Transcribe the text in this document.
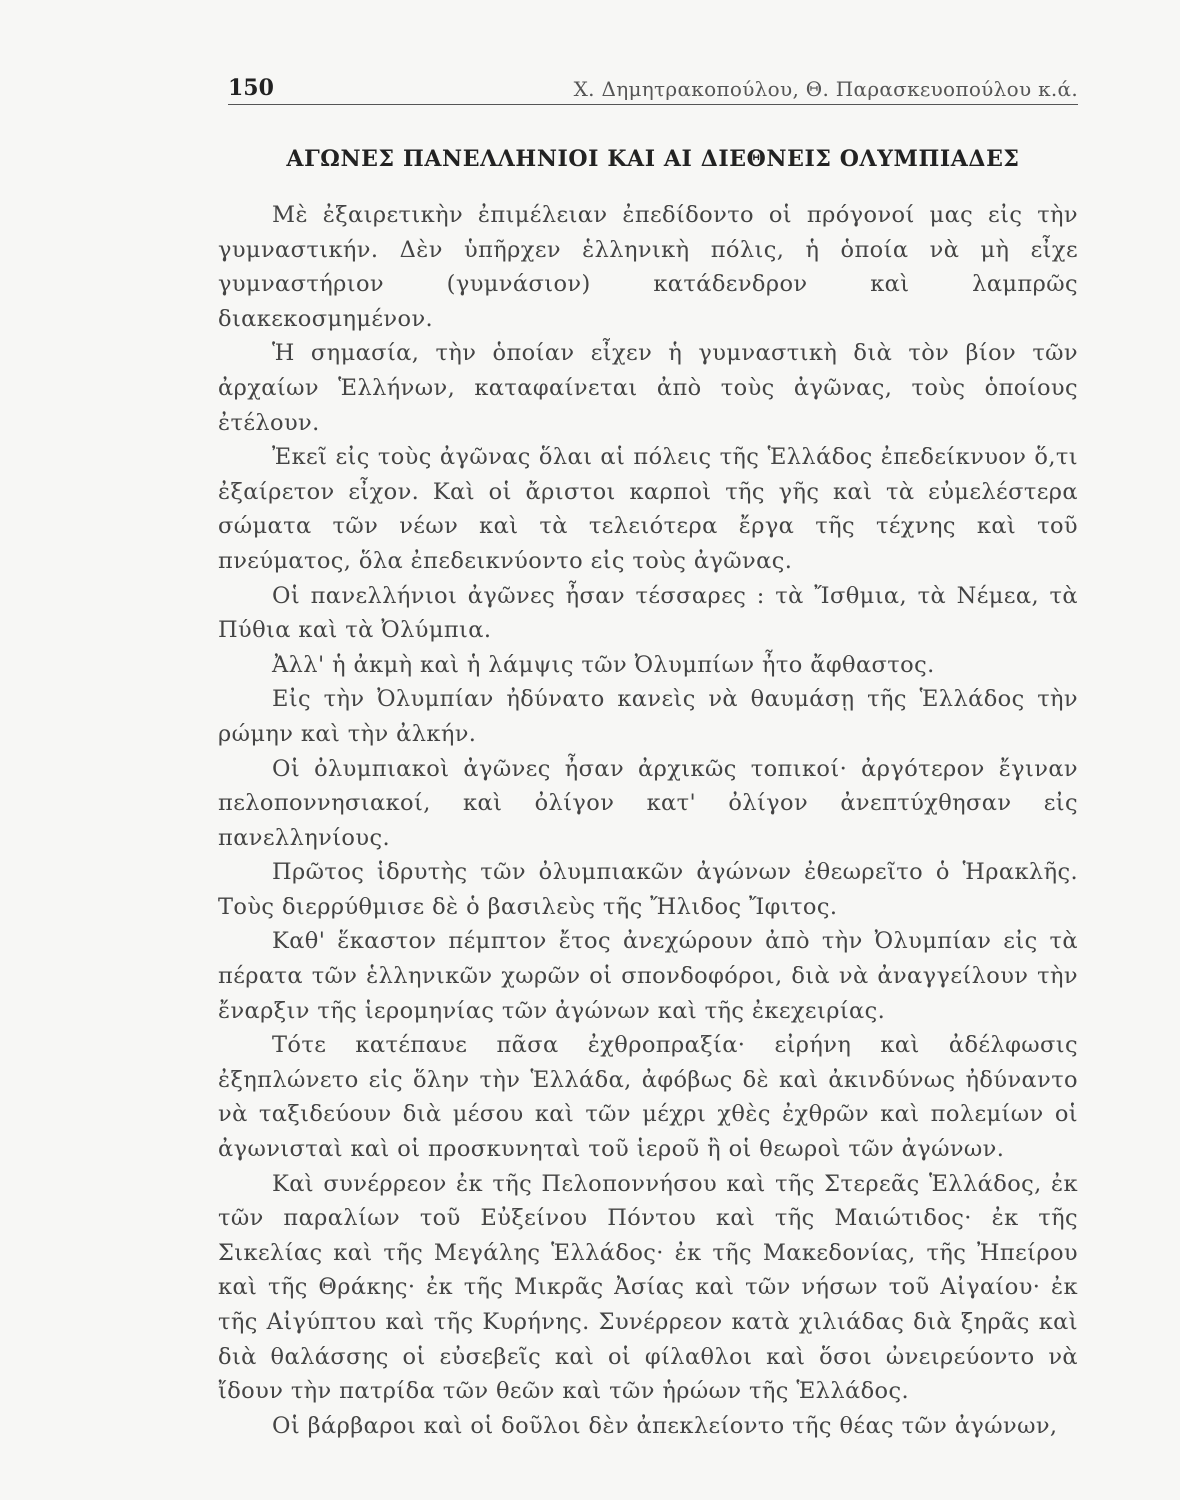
150	Χ. Δημητρακοπούλου, Θ. Παρασκευοπούλου κ.ά.
ΑΓΩΝΕΣ ΠΑΝΕΛΛΗΝΙΟΙ ΚΑΙ ΑΙ ΔΙΕΘΝΕΙΣ ΟΛΥΜΠΙΑΔΕΣ

Μὲ ἐξαιρετικὴν ἐπιμέλειαν ἐπεδίδοντο οἱ πρόγονοί μας εἰς τὴν γυμναστικήν. Δὲν ὑπῆρχεν ἑλληνικὴ πόλις, ἡ ὁποία νὰ μὴ εἶχε γυμναστήριον (γυμνάσιον) κατάδενδρον καὶ λαμπρῶς διακεκοσμημένον.

Ἡ σημασία, τὴν ὁποίαν εἶχεν ἡ γυμναστικὴ διὰ τὸν βίον τῶν ἀρχαίων Ἑλλήνων, καταφαίνεται ἀπὸ τοὺς ἀγῶνας, τοὺς ὁποίους ἐτέλουν.

Ἐκεῖ εἰς τοὺς ἀγῶνας ὅλαι αἱ πόλεις τῆς Ἑλλάδος ἐπεδείκνυον ὅ,τι ἐξαίρετον εἶχον. Καὶ οἱ ἄριστοι καρποὶ τῆς γῆς καὶ τὰ εὐμελέστερα σώματα τῶν νέων καὶ τὰ τελειότερα ἔργα τῆς τέχνης καὶ τοῦ πνεύματος, ὅλα ἐπεδεικνύοντο εἰς τοὺς ἀγῶνας.

Οἱ πανελλήνιοι ἀγῶνες ἦσαν τέσσαρες : τὰ Ἴσθμια, τὰ Νέμεα, τὰ Πύθια καὶ τὰ Ὀλύμπια.

Ἀλλ' ἡ ἀκμὴ καὶ ἡ λάμψις τῶν Ὀλυμπίων ἦτο ἄφθαστος.

Εἰς τὴν Ὀλυμπίαν ἠδύνατο κανεὶς νὰ θαυμάσῃ τῆς Ἑλλάδος τὴν ρώμην καὶ τὴν ἀλκήν.

Οἱ ὀλυμπιακοὶ ἀγῶνες ἦσαν ἀρχικῶς τοπικοί· ἀργότερον ἔγιναν πελοποννησιακοί, καὶ ὀλίγον κατ' ὀλίγον ἀνεπτύχθησαν εἰς πανελληνίους.

Πρῶτος ἱδρυτὴς τῶν ὀλυμπιακῶν ἀγώνων ἐθεωρεῖτο ὁ Ἡρακλῆς. Τοὺς διερρύθμισε δὲ ὁ βασιλεὺς τῆς Ἤλιδος Ἴφιτος.

Καθ' ἕκαστον πέμπτον ἔτος ἀνεχώρουν ἀπὸ τὴν Ὀλυμπίαν εἰς τὰ πέρατα τῶν ἑλληνικῶν χωρῶν οἱ σπονδοφόροι, διὰ νὰ ἀναγγείλουν τὴν ἔναρξιν τῆς ἱερομηνίας τῶν ἀγώνων καὶ τῆς ἐκεχειρίας.

Τότε κατέπαυε πᾶσα ἐχθροπραξία· εἰρήνη καὶ ἀδέλφωσις ἐξηπλώνετο εἰς ὅλην τὴν Ἑλλάδα, ἀφόβως δὲ καὶ ἀκινδύνως ἠδύναντο νὰ ταξιδεύουν διὰ μέσου καὶ τῶν μέχρι χθὲς ἐχθρῶν καὶ πολεμίων οἱ ἀγωνισταὶ καὶ οἱ προσκυνηταὶ τοῦ ἱεροῦ ἢ οἱ θεωροὶ τῶν ἀγώνων.

Καὶ συνέρρεον ἐκ τῆς Πελοποννήσου καὶ τῆς Στερεᾶς Ἑλλάδος, ἐκ τῶν παραλίων τοῦ Εὐξείνου Πόντου καὶ τῆς Μαιώτιδος· ἐκ τῆς Σικελίας καὶ τῆς Μεγάλης Ἑλλάδος· ἐκ τῆς Μακεδονίας, τῆς Ἠπείρου καὶ τῆς Θράκης· ἐκ τῆς Μικρᾶς Ἀσίας καὶ τῶν νήσων τοῦ Αἰγαίου· ἐκ τῆς Αἰγύπτου καὶ τῆς Κυρήνης. Συνέρρεον κατὰ χιλιάδας διὰ ξηρᾶς καὶ διὰ θαλάσσης οἱ εὐσεβεῖς καὶ οἱ φίλαθλοι καὶ ὅσοι ὠνειρεύοντο νὰ ἴδουν τὴν πατρίδα τῶν θεῶν καὶ τῶν ἡρώων τῆς Ἑλλάδος.

Οἱ βάρβαροι καὶ οἱ δοῦλοι δὲν ἀπεκλείοντο τῆς θέας τῶν ἀγώνων,
